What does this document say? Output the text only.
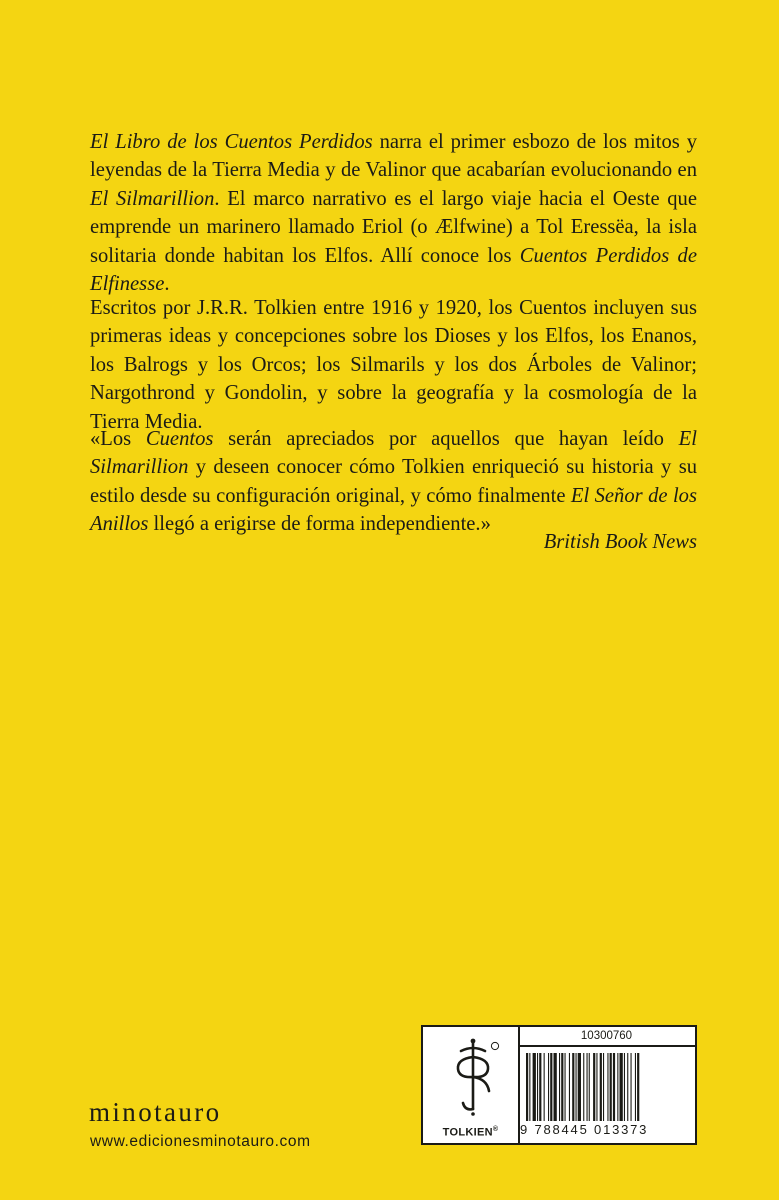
El Libro de los Cuentos Perdidos narra el primer esbozo de los mitos y leyendas de la Tierra Media y de Valinor que acabarían evolucionando en El Silmarillion. El marco narrativo es el largo viaje hacia el Oeste que emprende un marinero llamado Eriol (o Ælfwine) a Tol Eressëa, la isla solitaria donde habitan los Elfos. Allí conoce los Cuentos Perdidos de Elfinesse.

Escritos por J.R.R. Tolkien entre 1916 y 1920, los Cuentos incluyen sus primeras ideas y concepciones sobre los Dioses y los Elfos, los Enanos, los Balrogs y los Orcos; los Silmarils y los dos Árboles de Valinor; Nargothrond y Gondolin, y sobre la geografía y la cosmología de la Tierra Media.

«Los Cuentos serán apreciados por aquellos que hayan leído El Silmarillion y deseen conocer cómo Tolkien enriqueció su historia y su estilo desde su configuración original, y cómo finalmente El Señor de los Anillos llegó a erigirse de forma independiente.»

British Book News
minotauro
www.edicionesminotauro.com	TOLKIEN®
10300760
9 788445 013373
